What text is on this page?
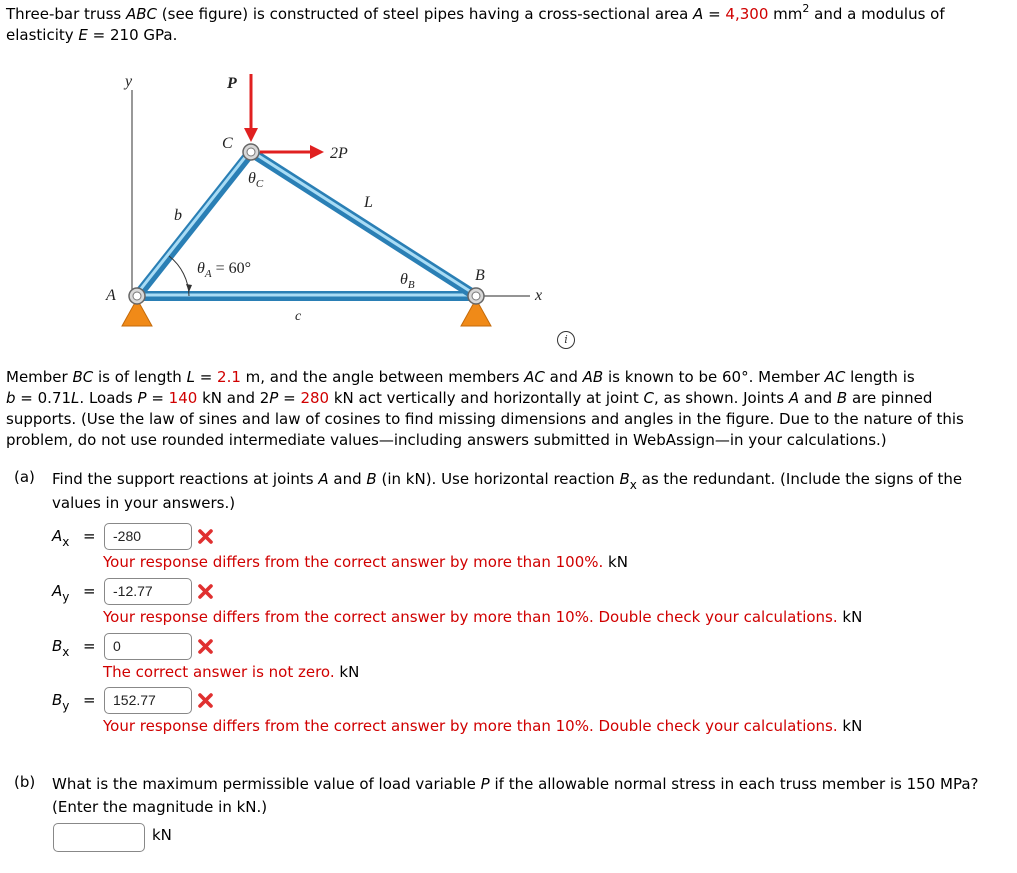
Three-bar truss ABC (see figure) is constructed of steel pipes having a cross-sectional area A = 4,300 $mm^2$ and a modulus of
elasticity E = 210 GPa.
y	P
C
$\theta_C$
2P
b
L
$\theta_A = 60^\circ$
$\theta_B$
B
A	x
c
i
Member BC is of length L = 2.1 m, and the angle between members AC and AB is known to be 60°. Member AC length is
b = 0.71L. Loads P = 140 kN and 2P = 280 kN act vertically and horizontally at joint C, as shown. Joints A and B are pinned
supports. (Use the law of sines and law of cosines to find missing dimensions and angles in the figure. Due to the nature of this
problem, do not use rounded intermediate values—including answers submitted in WebAssign—in your calculations.)
(a)	Find the support reactions at joints A and B (in kN). Use horizontal reaction $B_x$ as the redundant. (Include the signs of the
values in your answers.)
$A_x$ =	-280
Your response differs from the correct answer by more than 100%. kN
$A_y$ =	-12.77
Your response differs from the correct answer by more than 10%. Double check your calculations. kN
$B_x$ =	0
The correct answer is not zero. kN
$B_y$ =	152.77
Your response differs from the correct answer by more than 10%. Double check your calculations. kN
(b)	What is the maximum permissible value of load variable P if the allowable normal stress in each truss member is 150 MPa?
(Enter the magnitude in kN.)
kN
